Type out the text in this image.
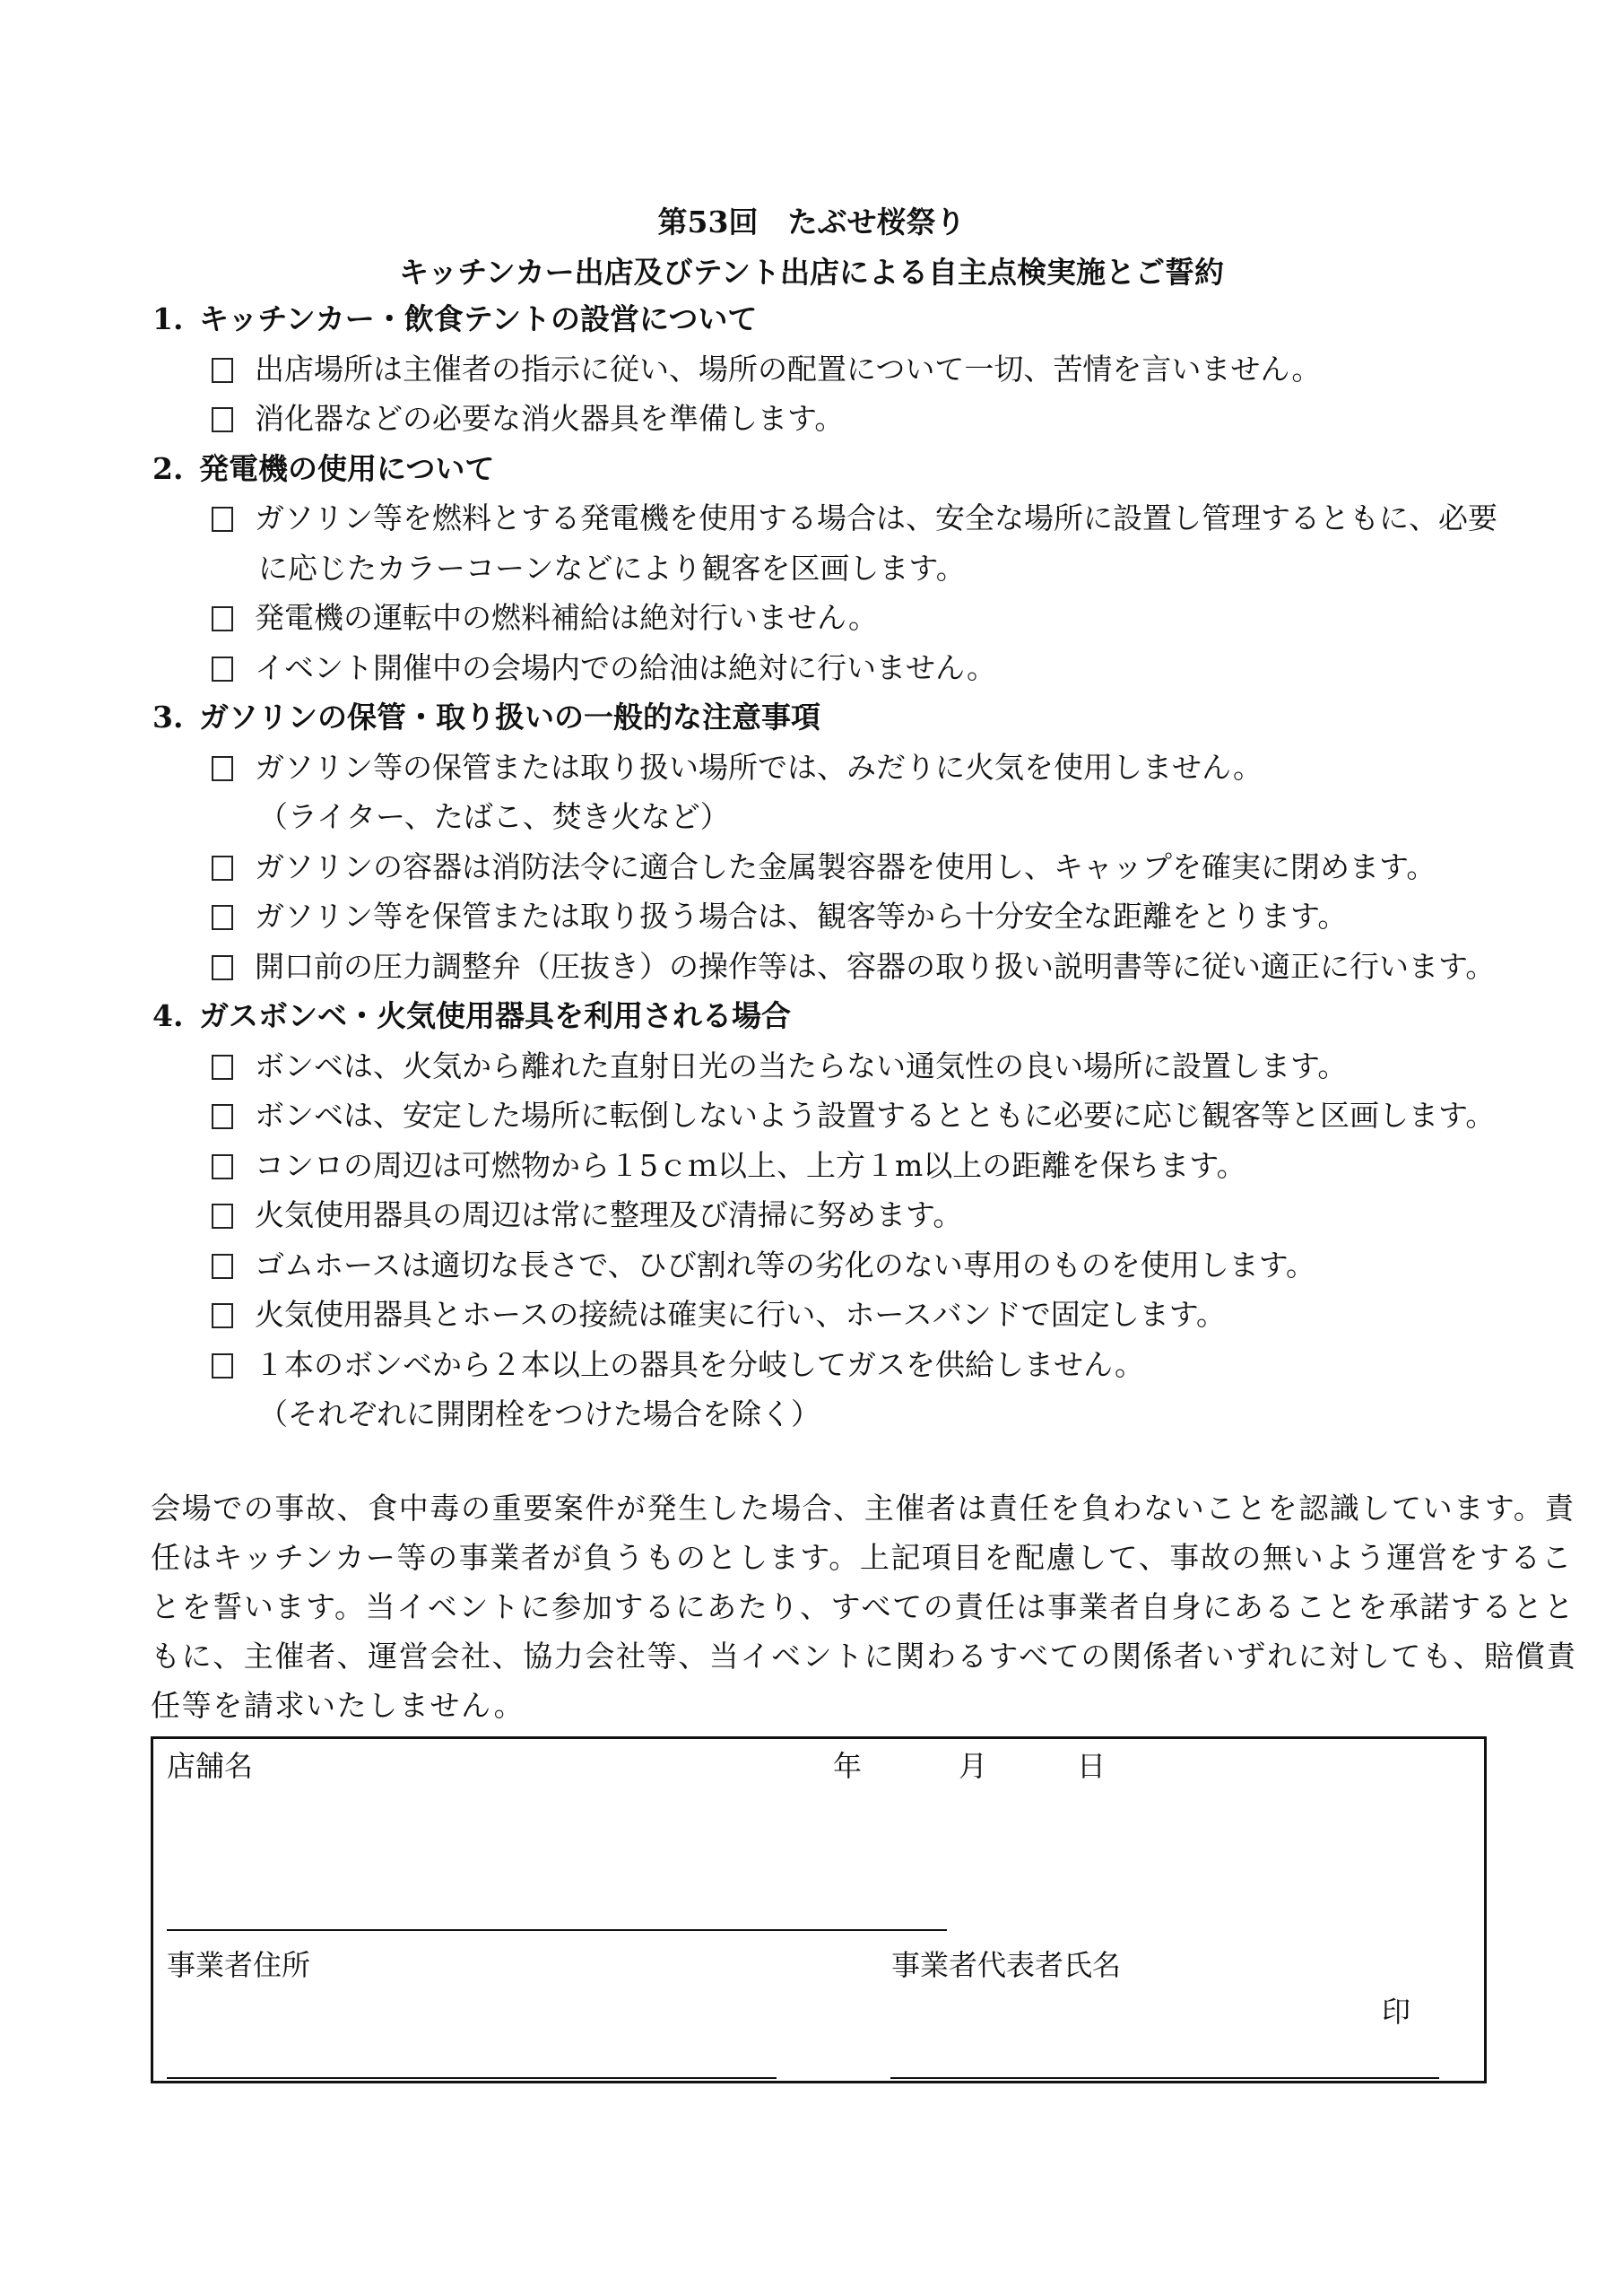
第53回　たぶせ桜祭り
キッチンカー出店及びテント出店による自主点検実施とご誓約
1. キッチンカー・飲食テントの設営について
出店場所は主催者の指示に従い、場所の配置について一切、苦情を言いません。
消化器などの必要な消火器具を準備します。
2. 発電機の使用について
ガソリン等を燃料とする発電機を使用する場合は、安全な場所に設置し管理するともに、必要
に応じたカラーコーンなどにより観客を区画します。
発電機の運転中の燃料補給は絶対行いません。
イベント開催中の会場内での給油は絶対に行いません。
3. ガソリンの保管・取り扱いの一般的な注意事項
ガソリン等の保管または取り扱い場所では、みだりに火気を使用しません。
（ライター、たばこ、焚き火など）
ガソリンの容器は消防法令に適合した金属製容器を使用し、キャップを確実に閉めます。
ガソリン等を保管または取り扱う場合は、観客等から十分安全な距離をとります。
開口前の圧力調整弁（圧抜き）の操作等は、容器の取り扱い説明書等に従い適正に行います。
4. ガスボンベ・火気使用器具を利用される場合
ボンベは、火気から離れた直射日光の当たらない通気性の良い場所に設置します。
ボンベは、安定した場所に転倒しないよう設置するとともに必要に応じ観客等と区画します。
コンロの周辺は可燃物から１5ｃｍ以上、上方１m以上の距離を保ちます。
火気使用器具の周辺は常に整理及び清掃に努めます。
ゴムホースは適切な長さで、ひび割れ等の劣化のない専用のものを使用します。
火気使用器具とホースの接続は確実に行い、ホースバンドで固定します。
１本のボンベから２本以上の器具を分岐してガスを供給しません。
（それぞれに開閉栓をつけた場合を除く）
会場での事故、食中毒の重要案件が発生した場合、主催者は責任を負わないことを認識しています。責
任はキッチンカー等の事業者が負うものとします。上記項目を配慮して、事故の無いよう運営をするこ
とを誓います。当イベントに参加するにあたり、すべての責任は事業者自身にあることを承諾するとと
もに、主催者、運営会社、協力会社等、当イベントに関わるすべての関係者いずれに対しても、賠償責
任等を請求いたしません。
店舗名	年	月	日
事業者住所	事業者代表者氏名
印
